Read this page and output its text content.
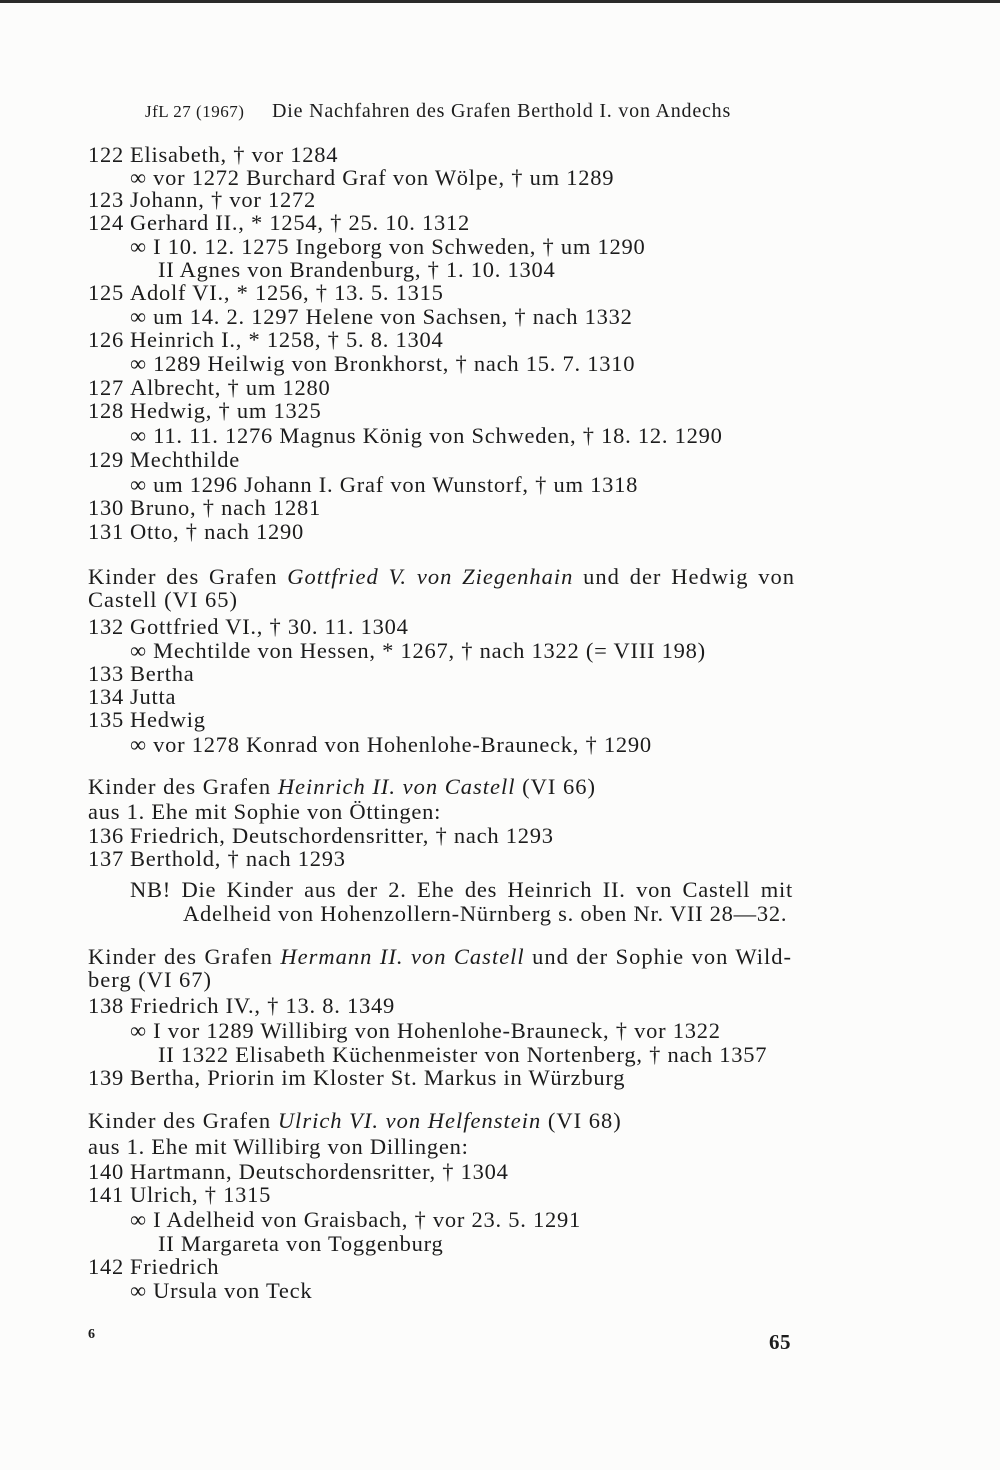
JfL 27 (1967) Die Nachfahren des Grafen Berthold I. von Andechs
122 Elisabeth, † vor 1284
∞ vor 1272 Burchard Graf von Wölpe, † um 1289
123 Johann, † vor 1272
124 Gerhard II., * 1254, † 25. 10. 1312
∞ I 10. 12. 1275 Ingeborg von Schweden, † um 1290
II Agnes von Brandenburg, † 1. 10. 1304
125 Adolf VI., * 1256, † 13. 5. 1315
∞ um 14. 2. 1297 Helene von Sachsen, † nach 1332
126 Heinrich I., * 1258, † 5. 8. 1304
∞ 1289 Heilwig von Bronkhorst, † nach 15. 7. 1310
127 Albrecht, † um 1280
128 Hedwig, † um 1325
∞ 11. 11. 1276 Magnus König von Schweden, † 18. 12. 1290
129 Mechthilde
∞ um 1296 Johann I. Graf von Wunstorf, † um 1318
130 Bruno, † nach 1281
131 Otto, † nach 1290
Kinder des Grafen Gottfried V. von Ziegenhain und der Hedwig von
Castell (VI 65)
132 Gottfried VI., † 30. 11. 1304
∞ Mechtilde von Hessen, * 1267, † nach 1322 (= VIII 198)
133 Bertha
134 Jutta
135 Hedwig
∞ vor 1278 Konrad von Hohenlohe-Brauneck, † 1290
Kinder des Grafen Heinrich II. von Castell (VI 66)
aus 1. Ehe mit Sophie von Öttingen:
136 Friedrich, Deutschordensritter, † nach 1293
137 Berthold, † nach 1293
NB! Die Kinder aus der 2. Ehe des Heinrich II. von Castell mit
Adelheid von Hohenzollern-Nürnberg s. oben Nr. VII 28—32.
Kinder des Grafen Hermann II. von Castell und der Sophie von Wild-
berg (VI 67)
138 Friedrich IV., † 13. 8. 1349
∞ I vor 1289 Willibirg von Hohenlohe-Brauneck, † vor 1322
II 1322 Elisabeth Küchenmeister von Nortenberg, † nach 1357
139 Bertha, Priorin im Kloster St. Markus in Würzburg
Kinder des Grafen Ulrich VI. von Helfenstein (VI 68)
aus 1. Ehe mit Willibirg von Dillingen:
140 Hartmann, Deutschordensritter, † 1304
141 Ulrich, † 1315
∞ I Adelheid von Graisbach, † vor 23. 5. 1291
II Margareta von Toggenburg
142 Friedrich
∞ Ursula von Teck
6	65
